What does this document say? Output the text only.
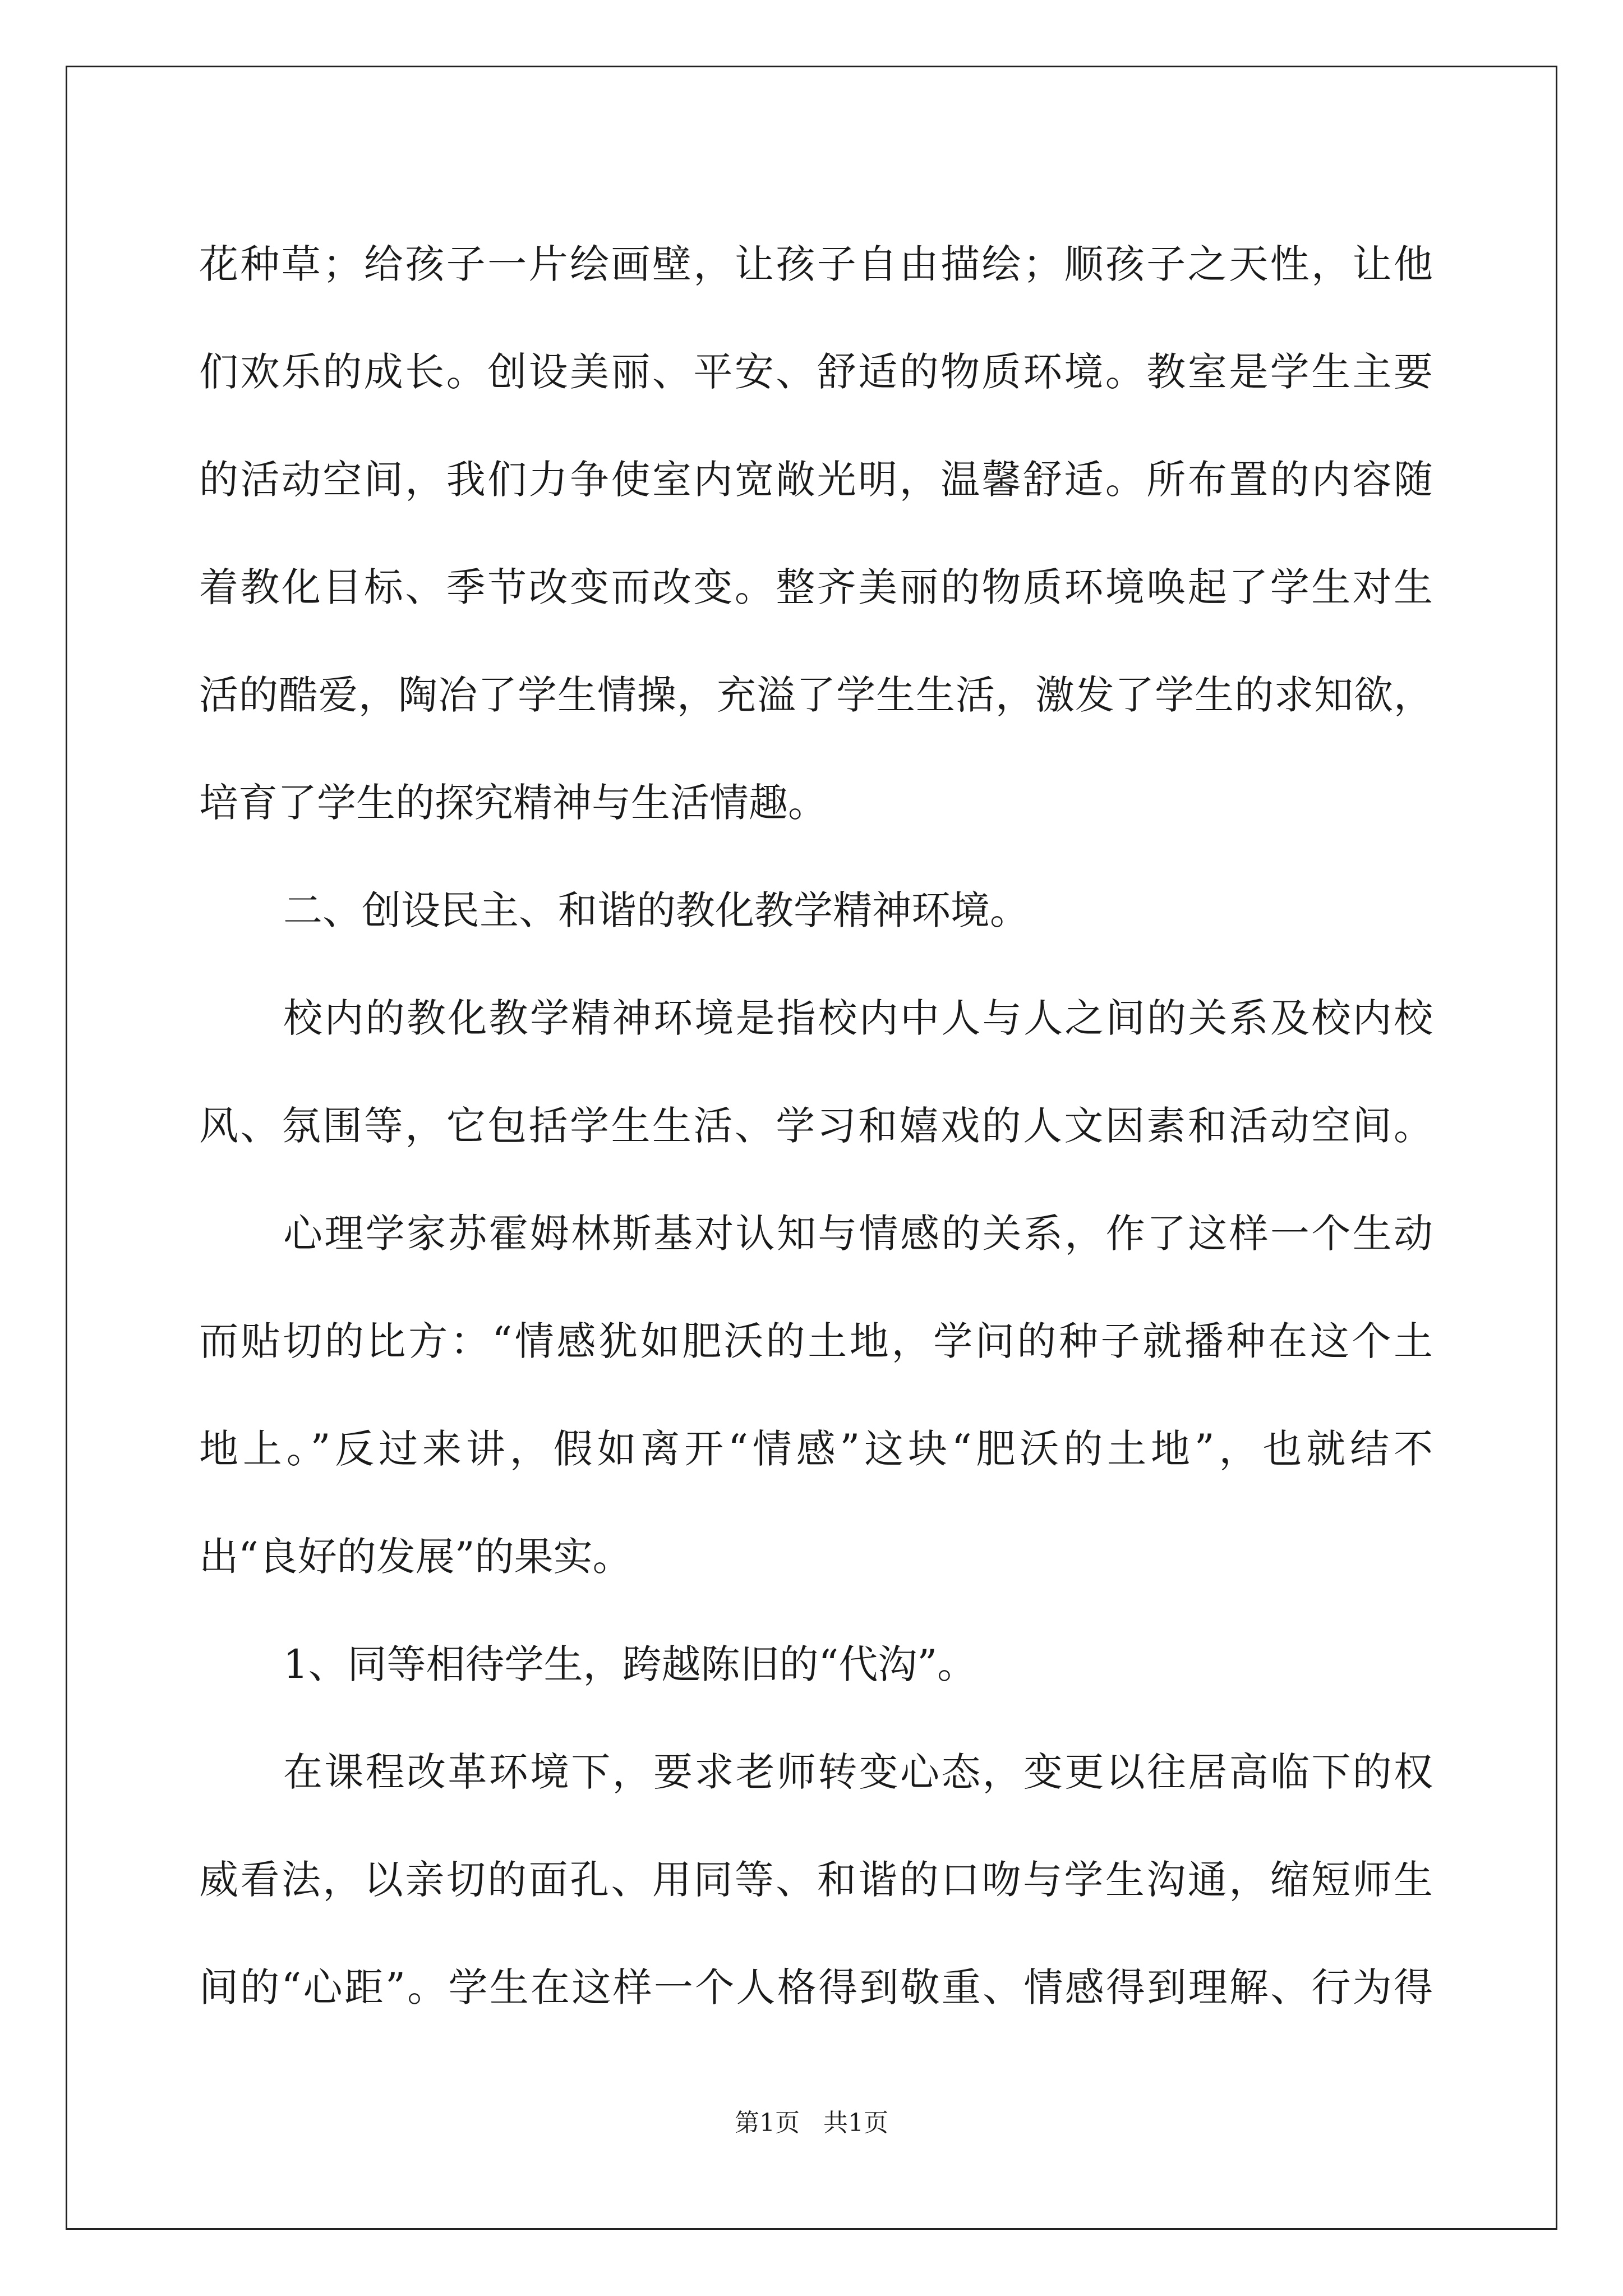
花种草；给孩子一片绘画壁，让孩子自由描绘；顺孩子之天性，让他
们欢乐的成长。创设美丽、平安、舒适的物质环境。教室是学生主要
的活动空间，我们力争使室内宽敞光明，温馨舒适。所布置的内容随
着教化目标、季节改变而改变。整齐美丽的物质环境唤起了学生对生
活的酷爱，陶冶了学生情操，充溢了学生生活，激发了学生的求知欲，
培育了学生的探究精神与生活情趣。
二、创设民主、和谐的教化教学精神环境。
校内的教化教学精神环境是指校内中人与人之间的关系及校内校
风、氛围等，它包括学生生活、学习和嬉戏的人文因素和活动空间。
心理学家苏霍姆林斯基对认知与情感的关系，作了这样一个生动
而贴切的比方：“情感犹如肥沃的土地，学问的种子就播种在这个土
地上。”反过来讲，假如离开“情感”这块“肥沃的土地”，也就结不
出“良好的发展”的果实。
1、同等相待学生，跨越陈旧的“代沟”。
在课程改革环境下，要求老师转变心态，变更以往居高临下的权
威看法，以亲切的面孔、用同等、和谐的口吻与学生沟通，缩短师生
间的“心距”。学生在这样一个人格得到敬重、情感得到理解、行为得
第1页   共1页
